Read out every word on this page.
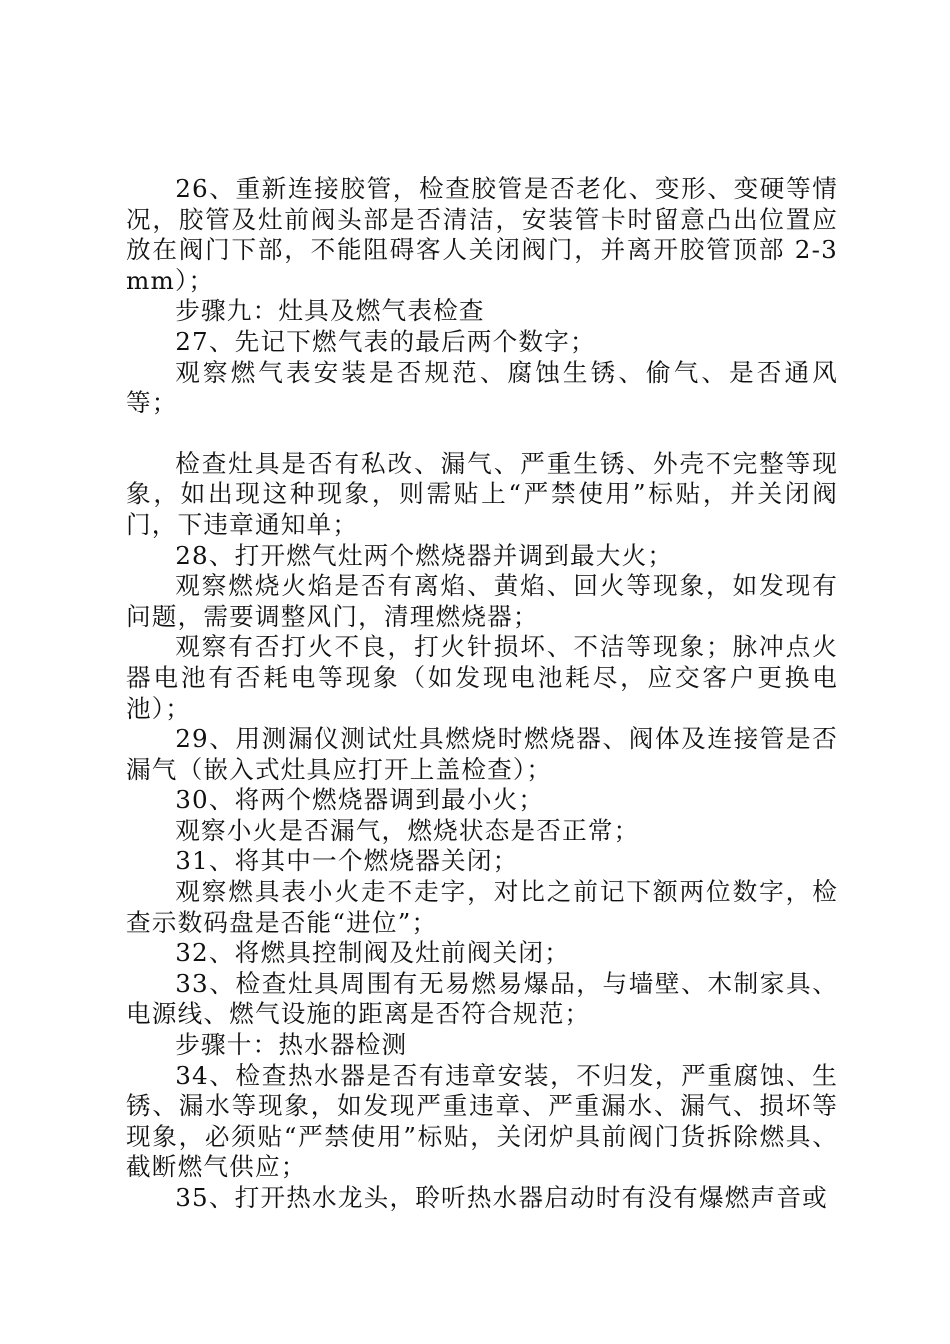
26、重新连接胶管，检查胶管是否老化、变形、变硬等情况，胶管及灶前阀头部是否清洁，安装管卡时留意凸出位置应放在阀门下部，不能阻碍客人关闭阀门，并离开胶管顶部 2-3 mm）；

步骤九：灶具及燃气表检查

27、先记下燃气表的最后两个数字；

观察燃气表安装是否规范、腐蚀生锈、偷气、是否通风等；

检查灶具是否有私改、漏气、严重生锈、外壳不完整等现象，如出现这种现象，则需贴上“严禁使用”标贴，并关闭阀门，下违章通知单；

28、打开燃气灶两个燃烧器并调到最大火；

观察燃烧火焰是否有离焰、黄焰、回火等现象，如发现有问题，需要调整风门，清理燃烧器；

观察有否打火不良，打火针损坏、不洁等现象；脉冲点火器电池有否耗电等现象（如发现电池耗尽，应交客户更换电池）；

29、用测漏仪测试灶具燃烧时燃烧器、阀体及连接管是否漏气（嵌入式灶具应打开上盖检查）；

30、将两个燃烧器调到最小火；

观察小火是否漏气，燃烧状态是否正常；

31、将其中一个燃烧器关闭；

观察燃具表小火走不走字，对比之前记下额两位数字，检查示数码盘是否能“进位”；

32、将燃具控制阀及灶前阀关闭；

33、检查灶具周围有无易燃易爆品，与墙壁、木制家具、电源线、燃气设施的距离是否符合规范；

步骤十：热水器检测

34、检查热水器是否有违章安装，不归发，严重腐蚀、生锈、漏水等现象，如发现严重违章、严重漏水、漏气、损坏等现象，必须贴“严禁使用”标贴，关闭炉具前阀门货拆除燃具、截断燃气供应；

35、打开热水龙头，聆听热水器启动时有没有爆燃声音或
